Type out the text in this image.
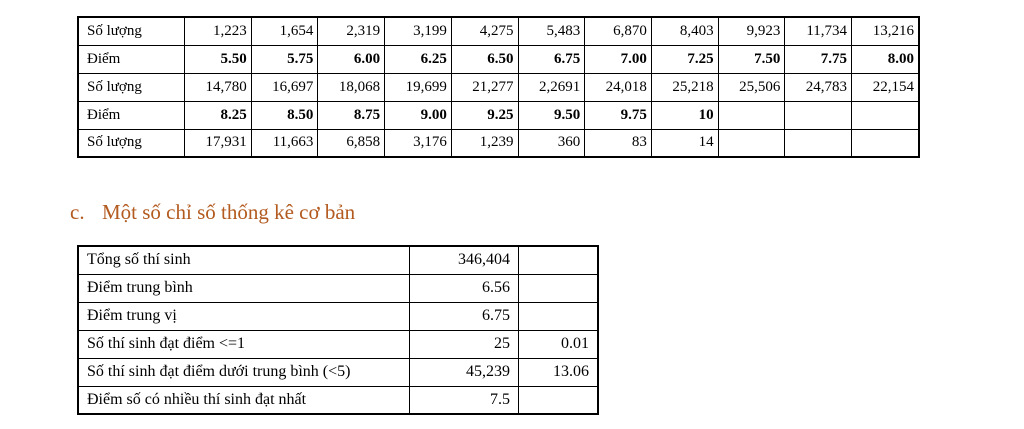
Số lượng	1,223	1,654	2,319	3,199	4,275	5,483	6,870	8,403	9,923	11,734	13,216
Điểm	5.50	5.75	6.00	6.25	6.50	6.75	7.00	7.25	7.50	7.75	8.00
Số lượng	14,780	16,697	18,068	19,699	21,277	2,2691	24,018	25,218	25,506	24,783	22,154
Điểm	8.25	8.50	8.75	9.00	9.25	9.50	9.75	10			
Số lượng	17,931	11,663	6,858	3,176	1,239	360	83	14			
c. Một số chỉ số thống kê cơ bản
Tổng số thí sinh	346,404	
Điểm trung bình	6.56	
Điểm trung vị	6.75	
Số thí sinh đạt điểm <=1	25	0.01
Số thí sinh đạt điểm dưới trung bình (<5)	45,239	13.06
Điểm số có nhiều thí sinh đạt nhất	7.5	
